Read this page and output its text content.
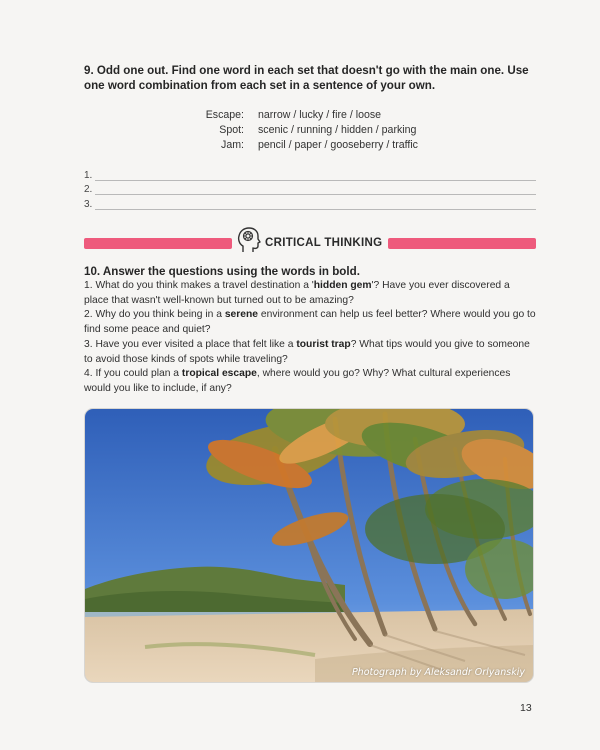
9. Odd one out. Find one word in each set that doesn't go with the main one. Use one word combination from each set in a sentence of your own.
Escape:	narrow / lucky / fire / loose
Spot:	scenic / running / hidden / parking
Jam:	pencil / paper / gooseberry / traffic
1.
2.
3.
CRITICAL THINKING
10. Answer the questions using the words in bold.

1. What do you think makes a travel destination a 'hidden gem'? Have you ever discovered a place that wasn't well-known but turned out to be amazing?

2. Why do you think being in a serene environment can help us feel better? Where would you go to find some peace and quiet?

3. Have you ever visited a place that felt like a tourist trap? What tips would you give to someone to avoid those kinds of spots while traveling?

4. If you could plan a tropical escape, where would you go? Why? What cultural experiences would you like to include, if any?

Photograph by Aleksandr Orlyanskiy
13
